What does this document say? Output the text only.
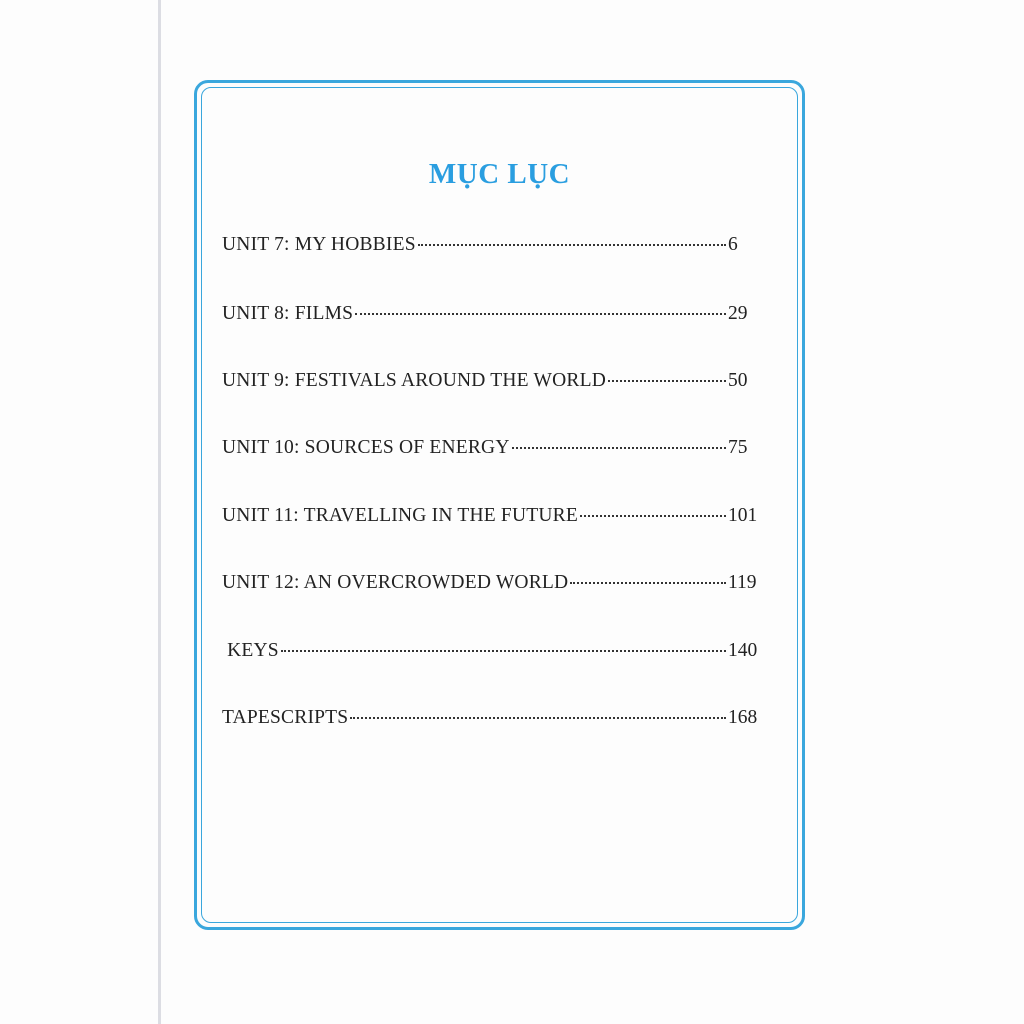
MỤC LỤC
UNIT 7: MY HOBBIES	6
UNIT 8: FILMS	29
UNIT 9: FESTIVALS AROUND THE WORLD	50
UNIT 10: SOURCES OF ENERGY	75
UNIT 11: TRAVELLING IN THE FUTURE	101
UNIT 12: AN OVERCROWDED WORLD	119
KEYS	140
TAPESCRIPTS	168
